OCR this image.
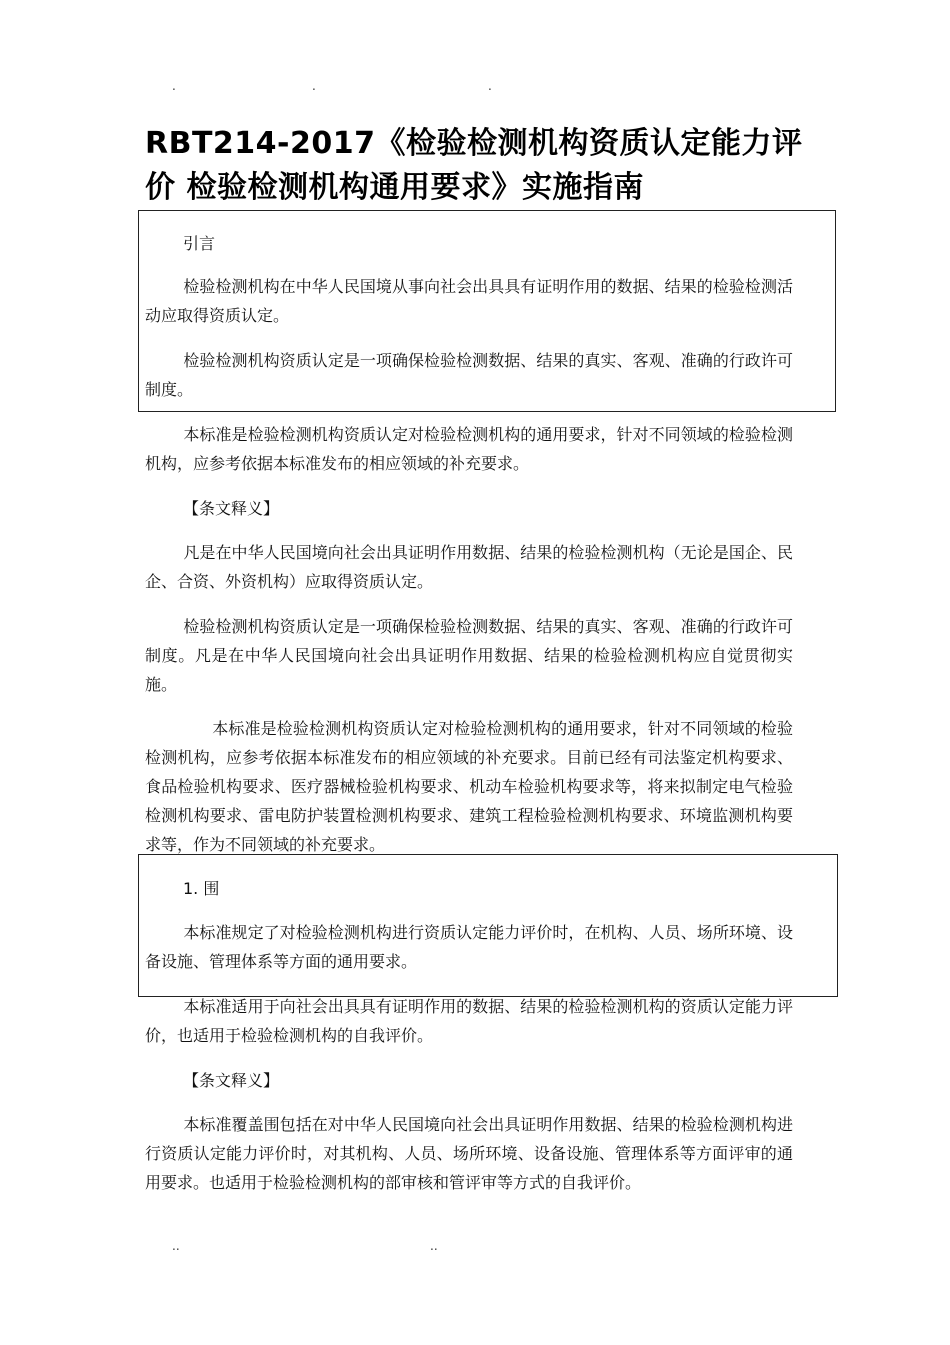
.	.	.
RBT214-2017《检验检测机构资质认定能力评价 检验检测机构通用要求》实施指南

引言

检验检测机构在中华人民国境从事向社会出具具有证明作用的数据、结果的检验检测活动应取得资质认定。

检验检测机构资质认定是一项确保检验检测数据、结果的真实、客观、准确的行政许可制度。

本标准是检验检测机构资质认定对检验检测机构的通用要求，针对不同领域的检验检测机构，应参考依据本标准发布的相应领域的补充要求。

【条文释义】

凡是在中华人民国境向社会出具证明作用数据、结果的检验检测机构（无论是国企、民企、合资、外资机构）应取得资质认定。

检验检测机构资质认定是一项确保检验检测数据、结果的真实、客观、准确的行政许可制度。凡是在中华人民国境向社会出具证明作用数据、结果的检验检测机构应自觉贯彻实施。

本标准是检验检测机构资质认定对检验检测机构的通用要求，针对不同领域的检验检测机构，应参考依据本标准发布的相应领域的补充要求。目前已经有司法鉴定机构要求、食品检验机构要求、医疗器械检验机构要求、机动车检验机构要求等，将来拟制定电气检验检测机构要求、雷电防护装置检测机构要求、建筑工程检验检测机构要求、环境监测机构要求等，作为不同领域的补充要求。

1. 围

本标准规定了对检验检测机构进行资质认定能力评价时，在机构、人员、场所环境、设备设施、管理体系等方面的通用要求。

本标准适用于向社会出具具有证明作用的数据、结果的检验检测机构的资质认定能力评价，也适用于检验检测机构的自我评价。

【条文释义】

本标准覆盖围包括在对中华人民国境向社会出具证明作用数据、结果的检验检测机构进行资质认定能力评价时，对其机构、人员、场所环境、设备设施、管理体系等方面评审的通用要求。也适用于检验检测机构的部审核和管评审等方式的自我评价。

..	..
